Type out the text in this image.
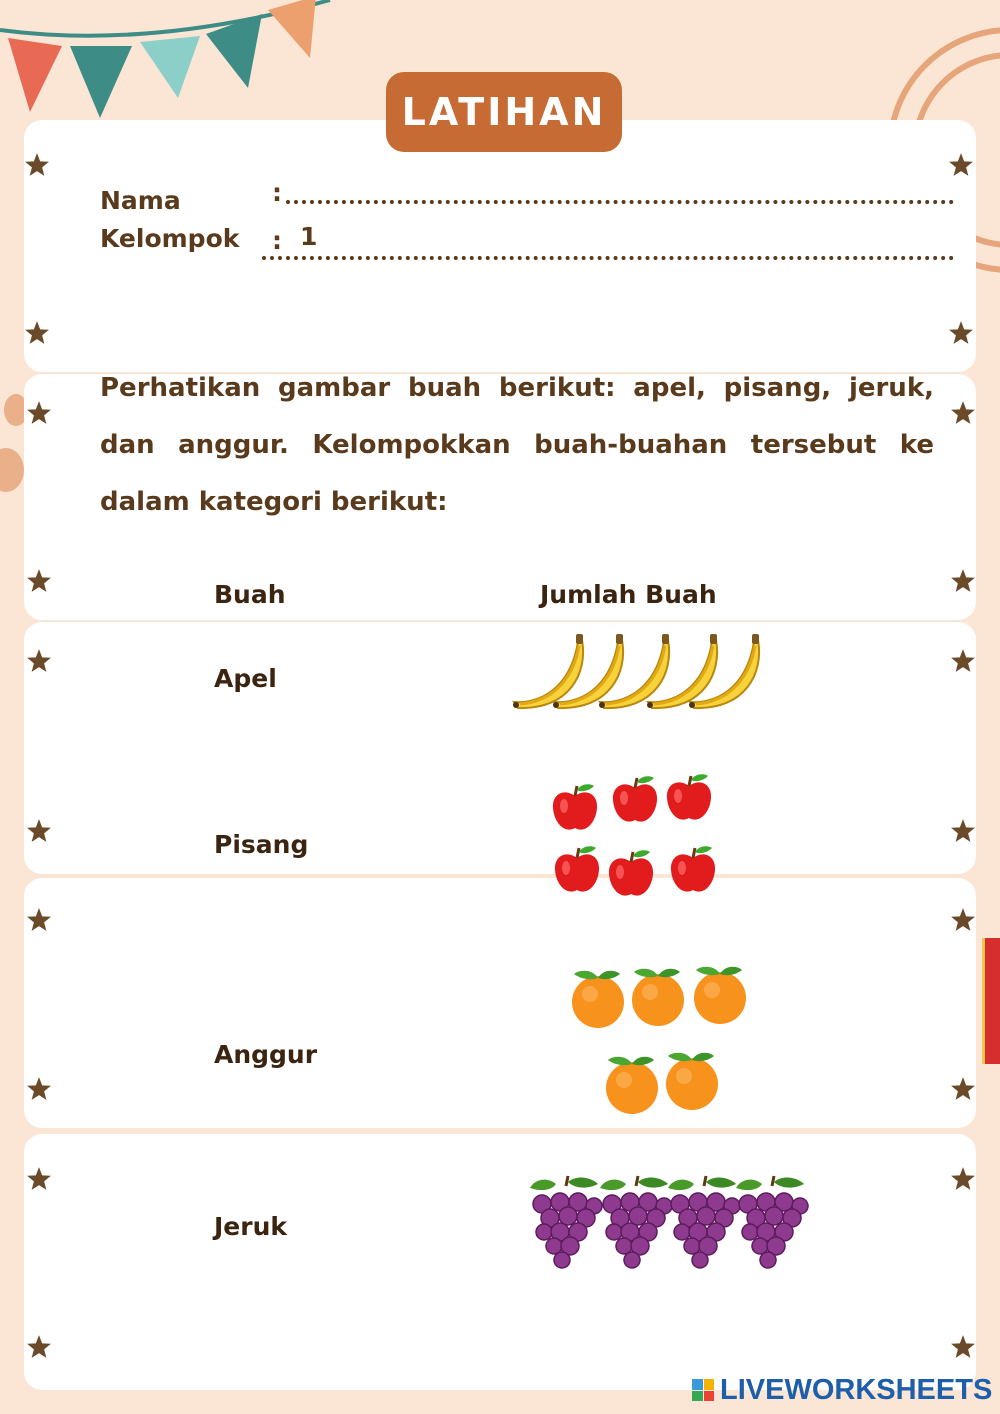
LATIHAN
Nama	:
Kelompok : 1
Perhatikan gambar buah berikut: apel, pisang, jeruk, dan anggur. Kelompokkan buah-buahan tersebut ke dalam kategori berikut:
Buah	Jumlah Buah
Apel
Pisang
Anggur
Jeruk
LIVEWORKSHEETS
